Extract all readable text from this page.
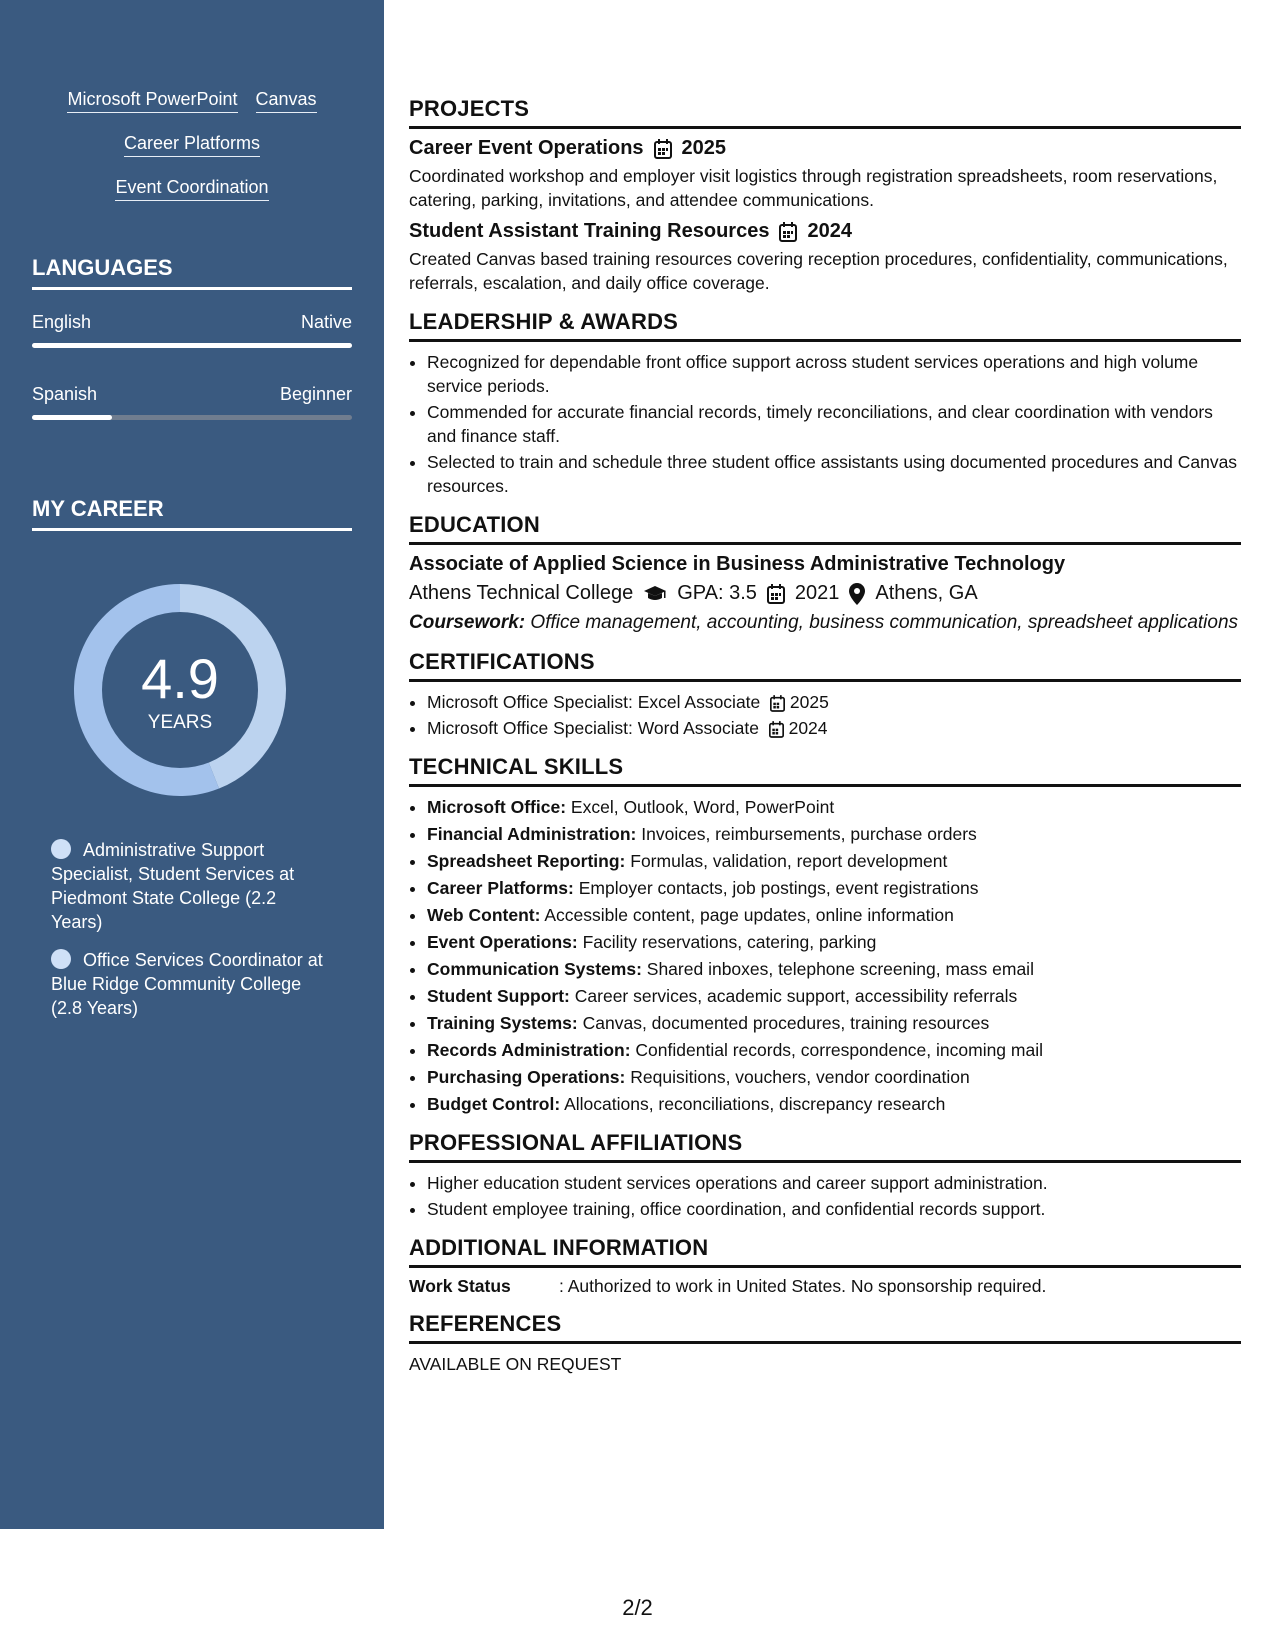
Microsoft PowerPoint Canvas
Career Platforms
Event Coordination
LANGUAGES
English	Native
Spanish	Beginner
MY CAREER
4.9
YEARS
Administrative Support Specialist, Student Services at Piedmont State College (2.2 Years)
Office Services Coordinator at Blue Ridge Community College (2.8 Years)
PROJECTS
Career Event Operations 2025
Coordinated workshop and employer visit logistics through registration spreadsheets, room reservations, catering, parking, invitations, and attendee communications.
Student Assistant Training Resources 2024
Created Canvas based training resources covering reception procedures, confidentiality, communications, referrals, escalation, and daily office coverage.
LEADERSHIP & AWARDS
• Recognized for dependable front office support across student services operations and high volume service periods.
• Commended for accurate financial records, timely reconciliations, and clear coordination with vendors and finance staff.
• Selected to train and schedule three student office assistants using documented procedures and Canvas resources.
EDUCATION
Associate of Applied Science in Business Administrative Technology
Athens Technical College GPA: 3.5 2021 Athens, GA
Coursework: Office management, accounting, business communication, spreadsheet applications
CERTIFICATIONS
• Microsoft Office Specialist: Excel Associate 2025
• Microsoft Office Specialist: Word Associate 2024
TECHNICAL SKILLS
• Microsoft Office: Excel, Outlook, Word, PowerPoint
• Financial Administration: Invoices, reimbursements, purchase orders
• Spreadsheet Reporting: Formulas, validation, report development
• Career Platforms: Employer contacts, job postings, event registrations
• Web Content: Accessible content, page updates, online information
• Event Operations: Facility reservations, catering, parking
• Communication Systems: Shared inboxes, telephone screening, mass email
• Student Support: Career services, academic support, accessibility referrals
• Training Systems: Canvas, documented procedures, training resources
• Records Administration: Confidential records, correspondence, incoming mail
• Purchasing Operations: Requisitions, vouchers, vendor coordination
• Budget Control: Allocations, reconciliations, discrepancy research
PROFESSIONAL AFFILIATIONS
• Higher education student services operations and career support administration.
• Student employee training, office coordination, and confidential records support.
ADDITIONAL INFORMATION
Work Status	: Authorized to work in United States. No sponsorship required.
REFERENCES
AVAILABLE ON REQUEST
2/2
